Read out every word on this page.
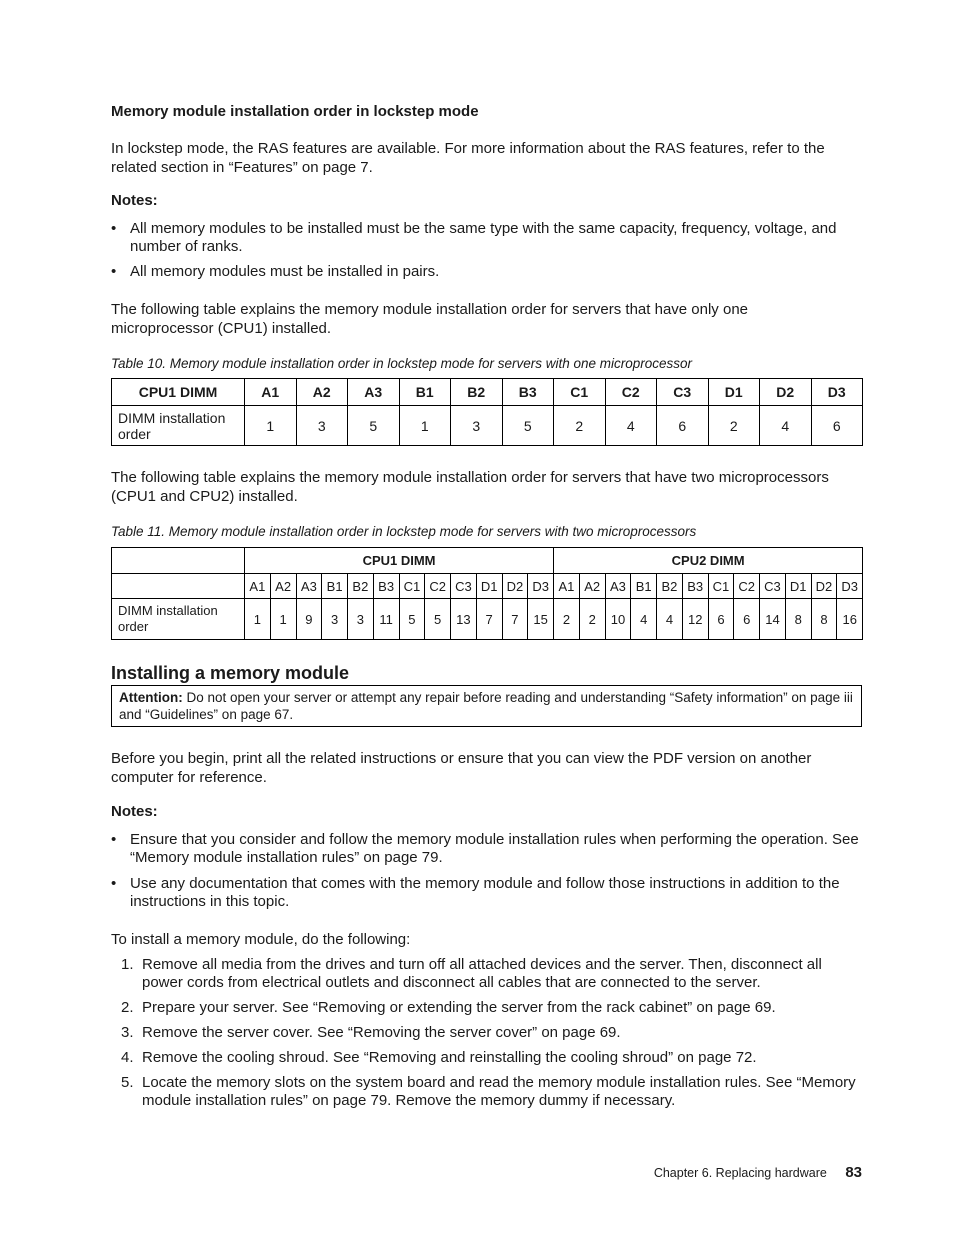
Memory module installation order in lockstep mode

In lockstep mode, the RAS features are available. For more information about the RAS features, refer to the related section in “Features” on page 7.

Notes:
• All memory modules to be installed must be the same type with the same capacity, frequency, voltage, and number of ranks.
• All memory modules must be installed in pairs.

The following table explains the memory module installation order for servers that have only one microprocessor (CPU1) installed.

Table 10. Memory module installation order in lockstep mode for servers with one microprocessor
CPU1 DIMM	A1	A2	A3	B1	B2	B3	C1	C2	C3	D1	D2	D3
DIMM installation order	1	3	5	1	3	5	2	4	6	2	4	6

The following table explains the memory module installation order for servers that have two microprocessors (CPU1 and CPU2) installed.

Table 11. Memory module installation order in lockstep mode for servers with two microprocessors
	CPU1 DIMM												CPU2 DIMM											
	A1	A2	A3	B1	B2	B3	C1	C2	C3	D1	D2	D3	A1	A2	A3	B1	B2	B3	C1	C2	C3	D1	D2	D3
DIMM installation order	1	1	9	3	3	11	5	5	13	7	7	15	2	2	10	4	4	12	6	6	14	8	8	16
Installing a memory module
Attention: Do not open your server or attempt any repair before reading and understanding “Safety information” on page iii and “Guidelines” on page 67.

Before you begin, print all the related instructions or ensure that you can view the PDF version on another computer for reference.

Notes:
• Ensure that you consider and follow the memory module installation rules when performing the operation. See “Memory module installation rules” on page 79.
• Use any documentation that comes with the memory module and follow those instructions in addition to the instructions in this topic.

To install a memory module, do the following:

1. Remove all media from the drives and turn off all attached devices and the server. Then, disconnect all power cords from electrical outlets and disconnect all cables that are connected to the server.
2. Prepare your server. See “Removing or extending the server from the rack cabinet” on page 69.
3. Remove the server cover. See “Removing the server cover” on page 69.
4. Remove the cooling shroud. See “Removing and reinstalling the cooling shroud” on page 72.
5. Locate the memory slots on the system board and read the memory module installation rules. See “Memory module installation rules” on page 79. Remove the memory dummy if necessary.
Chapter 6. Replacing hardware 83
